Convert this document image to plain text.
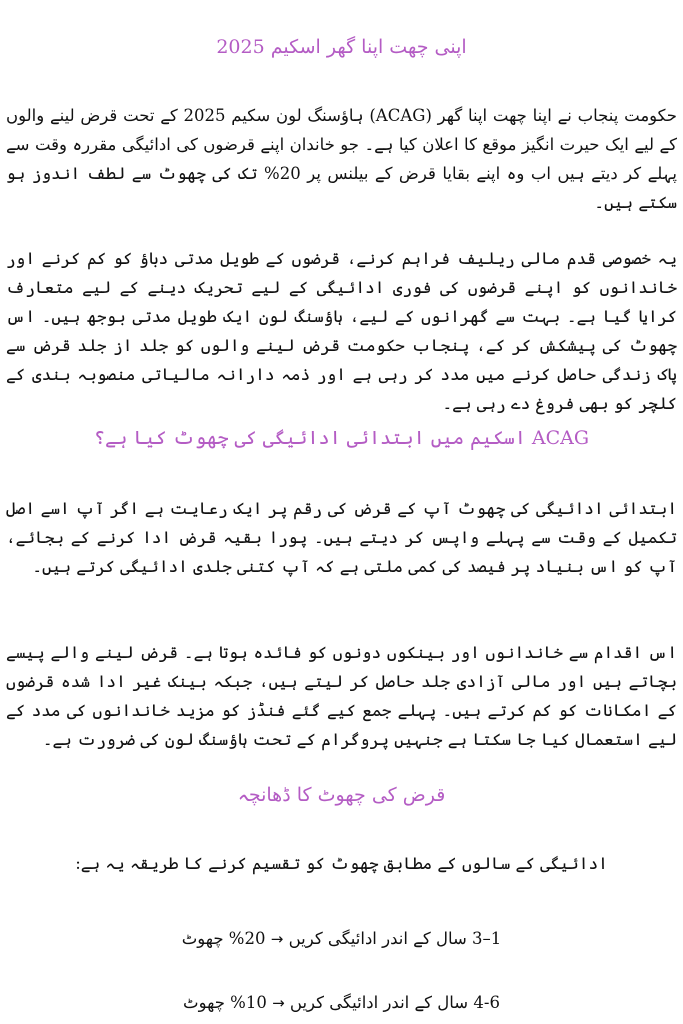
اپنی چھت اپنا گھر اسکیم 2025

حکومت پنجاب نے اپنا چھت اپنا گھر (ACAG) ہاؤسنگ لون سکیم 2025 کے تحت قرض لینے والوں کے لیے ایک حیرت انگیز موقع کا اعلان کیا ہے۔ جو خاندان اپنے قرضوں کی ادائیگی مقررہ وقت سے پہلے کر دیتے ہیں اب وہ اپنے بقایا قرض کے بیلنس پر 20% تک کی چھوٹ سے لطف اندوز ہو سکتے ہیں۔

یہ خصوصی قدم مالی ریلیف فراہم کرنے، قرضوں کے طویل مدتی دباؤ کو کم کرنے اور خاندانوں کو اپنے قرضوں کی فوری ادائیگی کے لیے تحریک دینے کے لیے متعارف کرایا گیا ہے۔ بہت سے گھرانوں کے لیے، ہاؤسنگ لون ایک طویل مدتی بوجھ ہیں۔ اس چھوٹ کی پیشکش کر کے، پنجاب حکومت قرض لینے والوں کو جلد از جلد قرض سے پاک زندگی حاصل کرنے میں مدد کر رہی ہے اور ذمہ دارانہ مالیاتی منصوبہ بندی کے کلچر کو بھی فروغ دے رہی ہے۔

ACAG اسکیم میں ابتدائی ادائیگی کی چھوٹ کیا ہے؟

ابتدائی ادائیگی کی چھوٹ آپ کے قرض کی رقم پر ایک رعایت ہے اگر آپ اسے اصل تکمیل کے وقت سے پہلے واپس کر دیتے ہیں۔ پورا بقیہ قرض ادا کرنے کے بجائے، آپ کو اس بنیاد پر فیصد کی کمی ملتی ہے کہ آپ کتنی جلدی ادائیگی کرتے ہیں۔

اس اقدام سے خاندانوں اور بینکوں دونوں کو فائدہ ہوتا ہے۔ قرض لینے والے پیسے بچاتے ہیں اور مالی آزادی جلد حاصل کر لیتے ہیں، جبکہ بینک غیر ادا شدہ قرضوں کے امکانات کو کم کرتے ہیں۔ پہلے جمع کیے گئے فنڈز کو مزید خاندانوں کی مدد کے لیے استعمال کیا جا سکتا ہے جنہیں پروگرام کے تحت ہاؤسنگ لون کی ضرورت ہے۔

قرض کی چھوٹ کا ڈھانچہ

ادائیگی کے سالوں کے مطابق چھوٹ کو تقسیم کرنے کا طریقہ یہ ہے:

1–3 سال کے اندر ادائیگی کریں → 20% چھوٹ

4-6 سال کے اندر ادائیگی کریں → 10% چھوٹ
